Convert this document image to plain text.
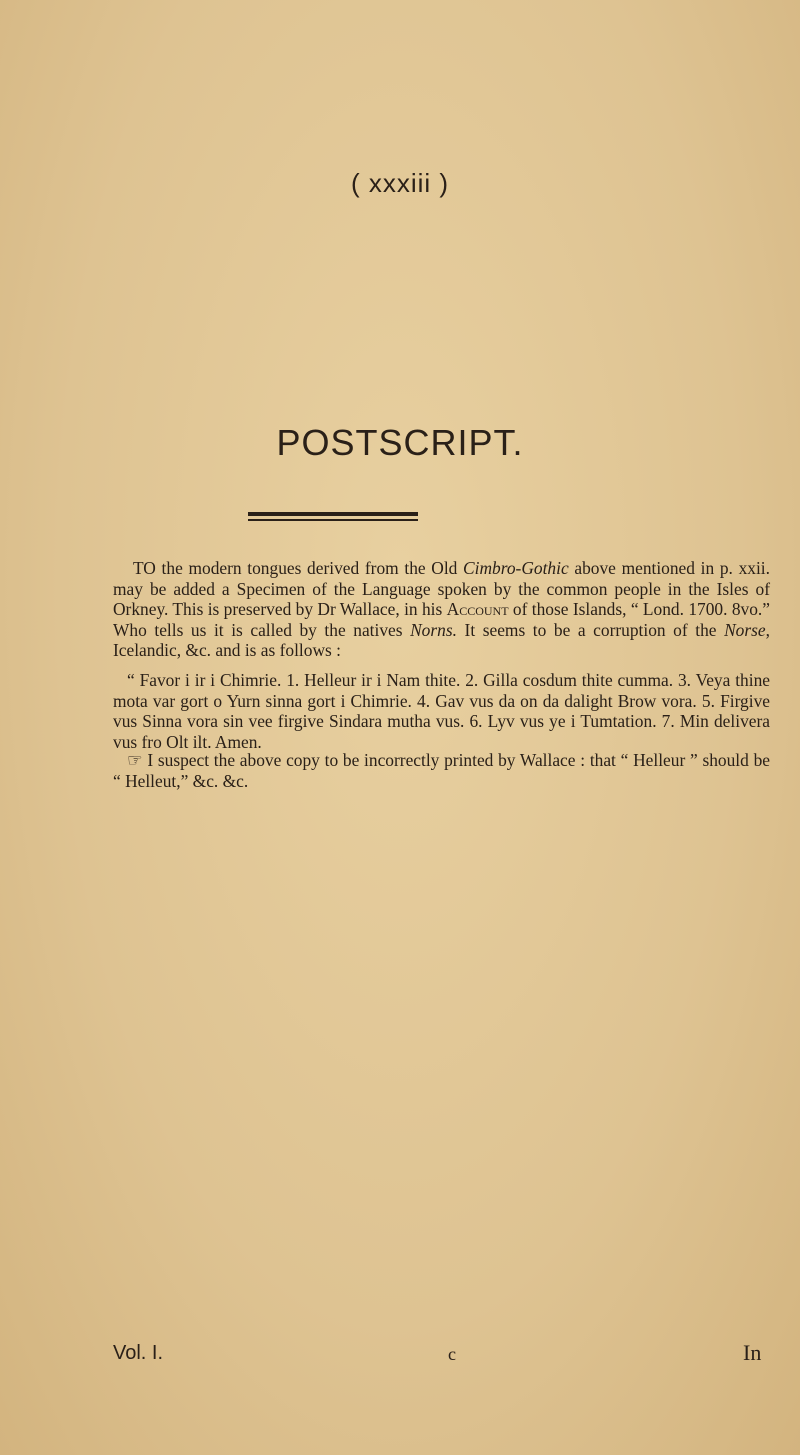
( xxxiii )
POSTSCRIPT.

TO the modern tongues derived from the Old Cimbro-Gothic above mentioned in p. xxii. may be added a Specimen of the Language spoken by the common people in the Isles of Orkney. This is preserved by Dr Wallace, in his Account of those Islands, “ Lond. 1700. 8vo.” Who tells us it is called by the natives Norns. It seems to be a corruption of the Norse, Icelandic, &c. and is as follows :

“ Favor i ir i Chimrie. 1. Helleur ir i Nam thite. 2. Gilla cosdum thite cumma. 3. Veya thine mota var gort o Yurn sinna gort i Chimrie. 4. Gav vus da on da dalight Brow vora. 5. Firgive vus Sinna vora sin vee firgive Sindara mutha vus. 6. Lyv vus ye i Tumtation. 7. Min delivera vus fro Olt ilt. Amen.

☞ I suspect the above copy to be incorrectly printed by Wallace : that “ Helleur ” should be “ Helleut,” &c. &c.

Vol. I.	c	In
